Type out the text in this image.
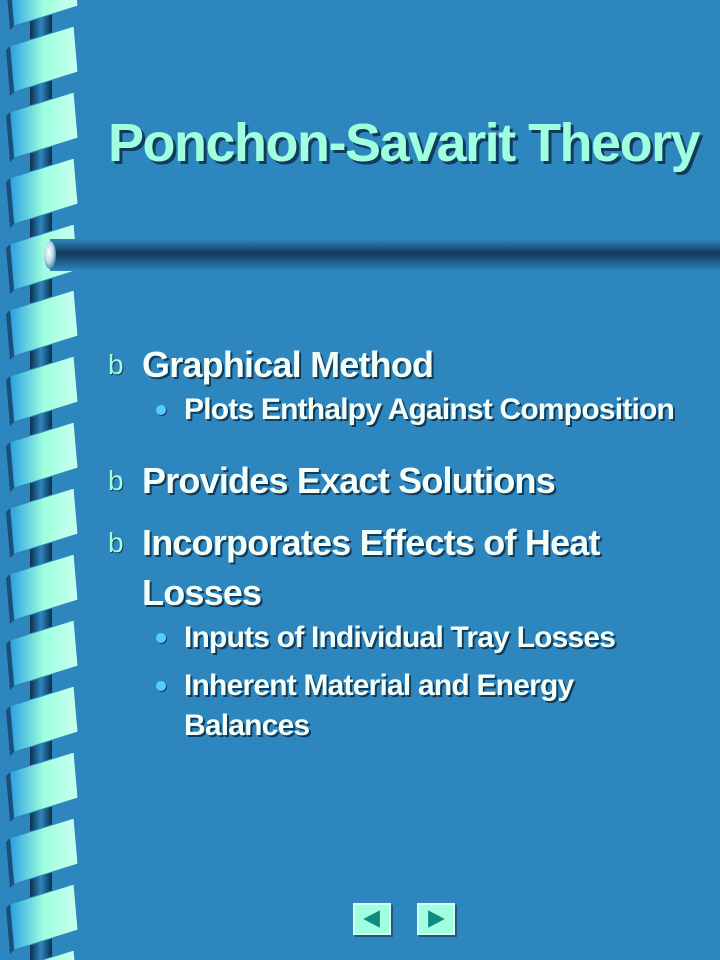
Ponchon-Savarit Theory
b Graphical Method
Plots Enthalpy Against Composition
b Provides Exact Solutions
b Incorporates Effects of Heat Losses
Inputs of Individual Tray Losses
Inherent Material and Energy Balances
